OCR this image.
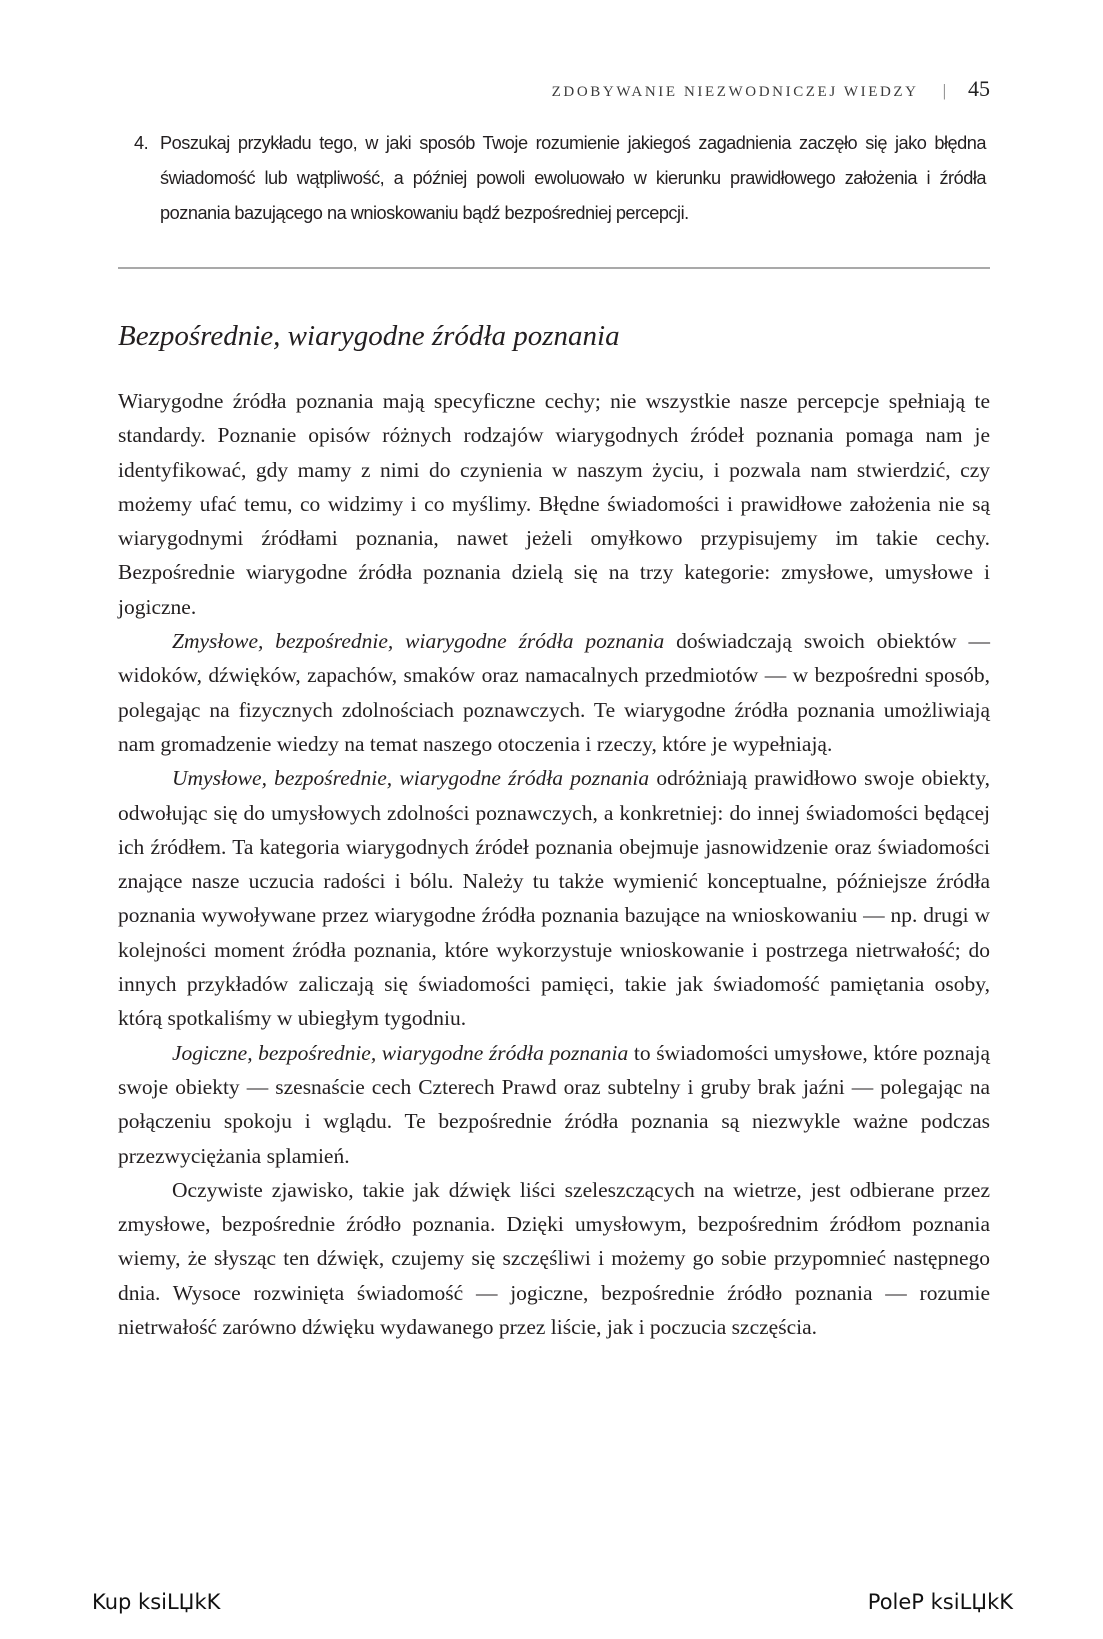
ZDOBYWANIE NIEZWODNICZEJ WIEDZY | 45
4. Poszukaj przykładu tego, w jaki sposób Twoje rozumienie jakiegoś zagadnienia zaczęło się jako błędna świadomość lub wątpliwość, a później powoli ewoluowało w kierunku prawidłowego założenia i źródła poznania bazującego na wnioskowaniu bądź bezpośredniej percepcji.
Bezpośrednie, wiarygodne źródła poznania

Wiarygodne źródła poznania mają specyficzne cechy; nie wszystkie nasze percepcje spełniają te standardy. Poznanie opisów różnych rodzajów wiarygodnych źródeł poznania pomaga nam je identyfikować, gdy mamy z nimi do czynienia w naszym życiu, i pozwala nam stwierdzić, czy możemy ufać temu, co widzimy i co myślimy. Błędne świadomości i prawidłowe założenia nie są wiarygodnymi źródłami poznania, nawet jeżeli omyłkowo przypisujemy im takie cechy. Bezpośrednie wiarygodne źródła poznania dzielą się na trzy kategorie: zmysłowe, umysłowe i jogiczne.

Zmysłowe, bezpośrednie, wiarygodne źródła poznania doświadczają swoich obiektów — widoków, dźwięków, zapachów, smaków oraz namacalnych przedmiotów — w bezpośredni sposób, polegając na fizycznych zdolnościach poznawczych. Te wiarygodne źródła poznania umożliwiają nam gromadzenie wiedzy na temat naszego otoczenia i rzeczy, które je wypełniają.

Umysłowe, bezpośrednie, wiarygodne źródła poznania odróżniają prawidłowo swoje obiekty, odwołując się do umysłowych zdolności poznawczych, a konkretniej: do innej świadomości będącej ich źródłem. Ta kategoria wiarygodnych źródeł poznania obejmuje jasnowidzenie oraz świadomości znające nasze uczucia radości i bólu. Należy tu także wymienić konceptualne, późniejsze źródła poznania wywoływane przez wiarygodne źródła poznania bazujące na wnioskowaniu — np. drugi w kolejności moment źródła poznania, które wykorzystuje wnioskowanie i postrzega nietrwałość; do innych przykładów zaliczają się świadomości pamięci, takie jak świadomość pamiętania osoby, którą spotkaliśmy w ubiegłym tygodniu.

Jogiczne, bezpośrednie, wiarygodne źródła poznania to świadomości umysłowe, które poznają swoje obiekty — szesnaście cech Czterech Prawd oraz subtelny i gruby brak jaźni — polegając na połączeniu spokoju i wglądu. Te bezpośrednie źródła poznania są niezwykle ważne podczas przezwyciężania splamień.

Oczywiste zjawisko, takie jak dźwięk liści szeleszczących na wietrze, jest odbierane przez zmysłowe, bezpośrednie źródło poznania. Dzięki umysłowym, bezpośrednim źródłom poznania wiemy, że słysząc ten dźwięk, czujemy się szczęśliwi i możemy go sobie przypomnieć następnego dnia. Wysoce rozwinięta świadomość — jogiczne, bezpośrednie źródło poznania — rozumie nietrwałość zarówno dźwięku wydawanego przez liście, jak i poczucia szczęścia.

Kup ksiLЏkK	PoleP ksiLЏkK
